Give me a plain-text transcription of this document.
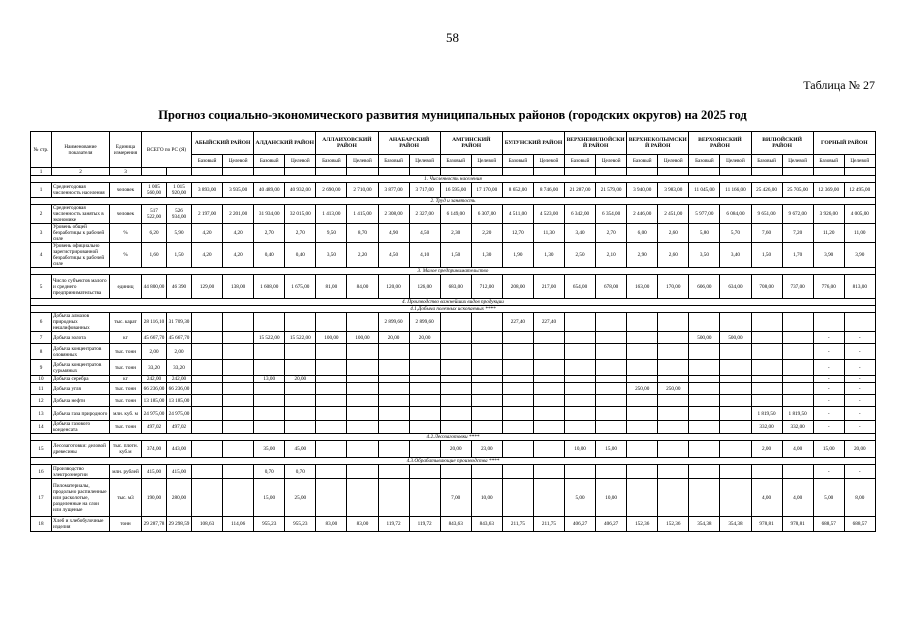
58
Таблица № 27
Прогноз социально-экономического развития муниципальных районов (городских округов) на 2025 год
№ стр.	Наименование показателя	Единица измерения	ВСЕГО по РС (Я)		АБЫЙСКИЙ РАЙОН		АЛДАНСКИЙ РАЙОН		АЛЛАИХОВСКИЙ РАЙОН		АНАБАРСКИЙ РАЙОН		АМГИНСКИЙ РАЙОН		БУЛУНСКИЙ РАЙОН		ВЕРХНЕВИЛЮЙСКИЙ РАЙОН		ВЕРХНЕКОЛЫМСКИЙ РАЙОН		ВЕРХОЯНСКИЙ РАЙОН		ВИЛЮЙСКИЙ РАЙОН		ГОРНЫЙ РАЙОН	
					Базовый	Целевой	Базовый	Целевой	Базовый	Целевой	Базовый	Целевой	Базовый	Целевой	Базовый	Целевой	Базовый	Целевой	Базовый	Целевой	Базовый	Целевой	Базовый	Целевой	Базовый	Целевой
1	2	3																								
1. Численность населения																										
1	Среднегодовая численность населения	человек	1 005 560,00	1 015 920,00	3 893,00	3 935,00	40 489,00	40 932,00	2 690,00	2 710,00	3 877,00	3 717,00	16 595,00	17 170,00	8 652,00	8 746,00	21 287,00	21 579,00	3 940,00	3 983,00	11 045,00	11 166,00	25 426,00	25 705,00	12 369,00	12 495,00
2. Труд и занятость																										
2	Среднегодовая численность занятых в экономике	человек	517 522,00	526 934,00	2 197,00	2 201,00	31 934,00	32 015,00	1 413,00	1 415,00	2 308,00	2 327,00	6 149,00	6 307,00	4 511,00	4 523,00	6 342,00	6 354,00	2 446,00	2 451,00	5 977,00	6 084,00	9 651,00	9 672,00	3 926,00	4 005,00
3	Уровень общей безработицы к рабочей силе	%	6,20	5,90	4,20	4,20	2,70	2,70	9,50	8,70	4,90	4,50	2,30	2,20	12,70	11,30	3,40	2,70	6,00	2,60	5,80	5,70	7,60	7,20	11,20	11,00
4	Уровень официально зарегистрированной безработицы к рабочей силе	%	1,60	1,50	4,20	4,20	0,40	0,40	3,50	2,20	4,50	4,10	1,50	1,30	1,90	1,30	2,50	2,10	2,90	2,60	3,50	3,40	1,50	1,70	3,90	3,90
3. Малое предпринимательство																										
5	Число субъектов малого и среднего предпринимательства	единиц	44 800,00	46 390	129,00	138,00	1 608,00	1 675,00	81,00	84,00	120,00	126,00	683,00	712,00	208,00	217,00	654,00	678,00	163,00	170,00	606,00	634,00	708,00	737,00	776,00	813,00
4. Производство важнейших видов продукции																										
4.1.Добыча полезных ископаемых ****																										
6	Добыча алмазов природных нешлифованных	тыс. карат	28 116,10	31 709,30							2 899,60	2 899,60			227,40	227,40										
7	Добыча золота	кг	45 667,70	45 667,70			15 522,00	15 522,00	100,00	100,00	20,00	20,00									500,00	500,00			-	-
8	Добыча концентратов оловянных	тыс. тонн	2,00	2,00																					-	-
9	Добыча концентратов сурьмяных	тыс. тонн	33,20	33,20																					-	-
10	Добыча серебра	кг	242,00	242,00			13,00	20,00																	-	-
11	Добыча угля	тыс. тонн	66 236,00	66 236,00															250,00	250,00					-	-
12	Добыча нефти	тыс. тонн	13 185,00	13 185,00																					-	-
13	Добыча газа природного	млн. куб. м	24 975,00	24 975,00																			1 819,50	1 819,50	-	-
14	Добыча газового конденсата	тыс. тонн	497,02	497,02																			332,00	332,00	-	-
4.2.Лесозаготовки ****																										
15	Лесозаготовки: деловой древесины	тыс. плотн. куб.м	374,00	443,00			35,00	45,00					20,00	23,00			10,00	15,00					2,00	4,00	15,00	20,00
4.3.Обрабатывающие производства ****																										
16	Производство электроэнергии	млн. рублей	415,00	415,00			0,70	0,70																	-	-
17	Пиломатериалы, продольно распиленные или расколотые, разделенные на слои или лущеные	тыс. м3	190,00	280,00			15,00	25,00					7,00	10,00			5,00	10,00					4,00	4,00	5,00	8,00
18	Хлеб и хлебобулочные изделия	тонн	29 287,78	29 298,59	108,63	114,06	955,23	955,23	83,00	83,00	119,72	119,72	843,63	843,63	211,75	211,75	406,27	406,27	152,36	152,36	354,38	354,38	978,81	978,81	688,57	688,57
